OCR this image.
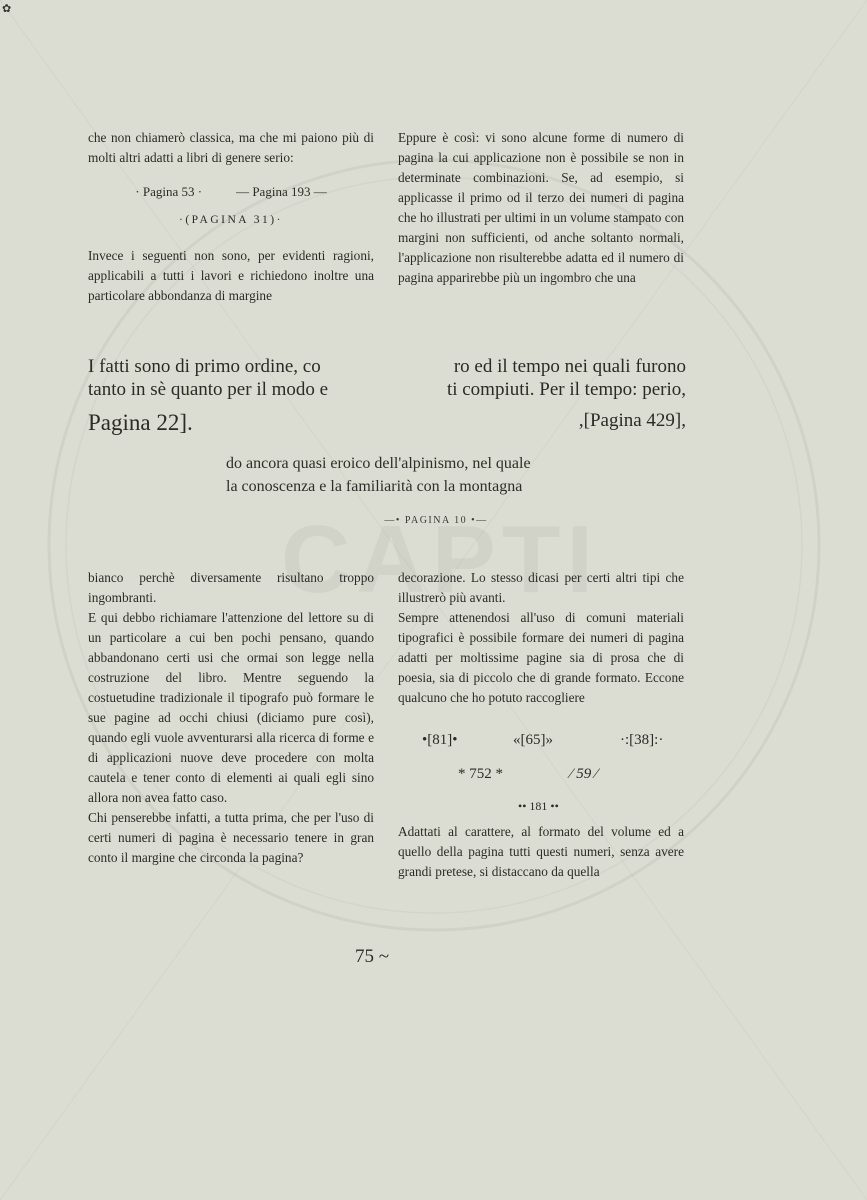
✿

che non chiamerò classica, ma che mi paiono più di molti altri adatti a libri di genere serio:

· Pagina 53 ·	— Pagina 193 —
·(PAGINA 31)·

Invece i seguenti non sono, per evidenti ragioni, applicabili a tutti i lavori e richiedono inoltre una particolare abbondanza di margine

Eppure è così: vi sono alcune forme di numero di pagina la cui applicazione non è possibile se non in determinate combinazioni. Se, ad esempio, si applicasse il primo od il terzo dei numeri di pagina che ho illustrati per ultimi in un volume stampato con margini non sufficienti, od anche soltanto normali, l'applicazione non risulterebbe adatta ed il numero di pagina apparirebbe più un ingombro che una

I fatti sono di primo ordine, co
tanto in sè quanto per il modo e
Pagina 22].
ro ed il tempo nei quali furono
ti compiuti. Per il tempo: perio,
,[Pagina 429],

do ancora quasi eroico dell'alpinismo, nel quale

la conoscenza e la familiarità con la montagna

—• PAGINA 10 •—

bianco perchè diversamente risultano troppo ingombranti.

E qui debbo richiamare l'attenzione del lettore su di un particolare a cui ben pochi pensano, quando abbandonano certi usi che ormai son legge nella costruzione del libro. Mentre seguendo la costuetudine tradizionale il tipografo può formare le sue pagine ad occhi chiusi (diciamo pure così), quando egli vuole avventurarsi alla ricerca di forme e di applicazioni nuove deve procedere con molta cautela e tener conto di elementi ai quali egli sino allora non avea fatto caso.

Chi penserebbe infatti, a tutta prima, che per l'uso di certi numeri di pagina è necessario tenere in gran conto il margine che circonda la pagina?

decorazione. Lo stesso dicasi per certi altri tipi che illustrerò più avanti.

Sempre attenendosi all'uso di comuni materiali tipografici è possibile formare dei numeri di pagina adatti per moltissime pagine sia di prosa che di poesia, sia di piccolo che di grande formato. Eccone qualcuno che ho potuto raccogliere

•[81]•	«[65]»	·:[38]:·
* 752 *	⁄ 59 ⁄
•• 181 ••

Adattati al carattere, al formato del volume ed a quello della pagina tutti questi numeri, senza avere grandi pretese, si distaccano da quella

75 ~
